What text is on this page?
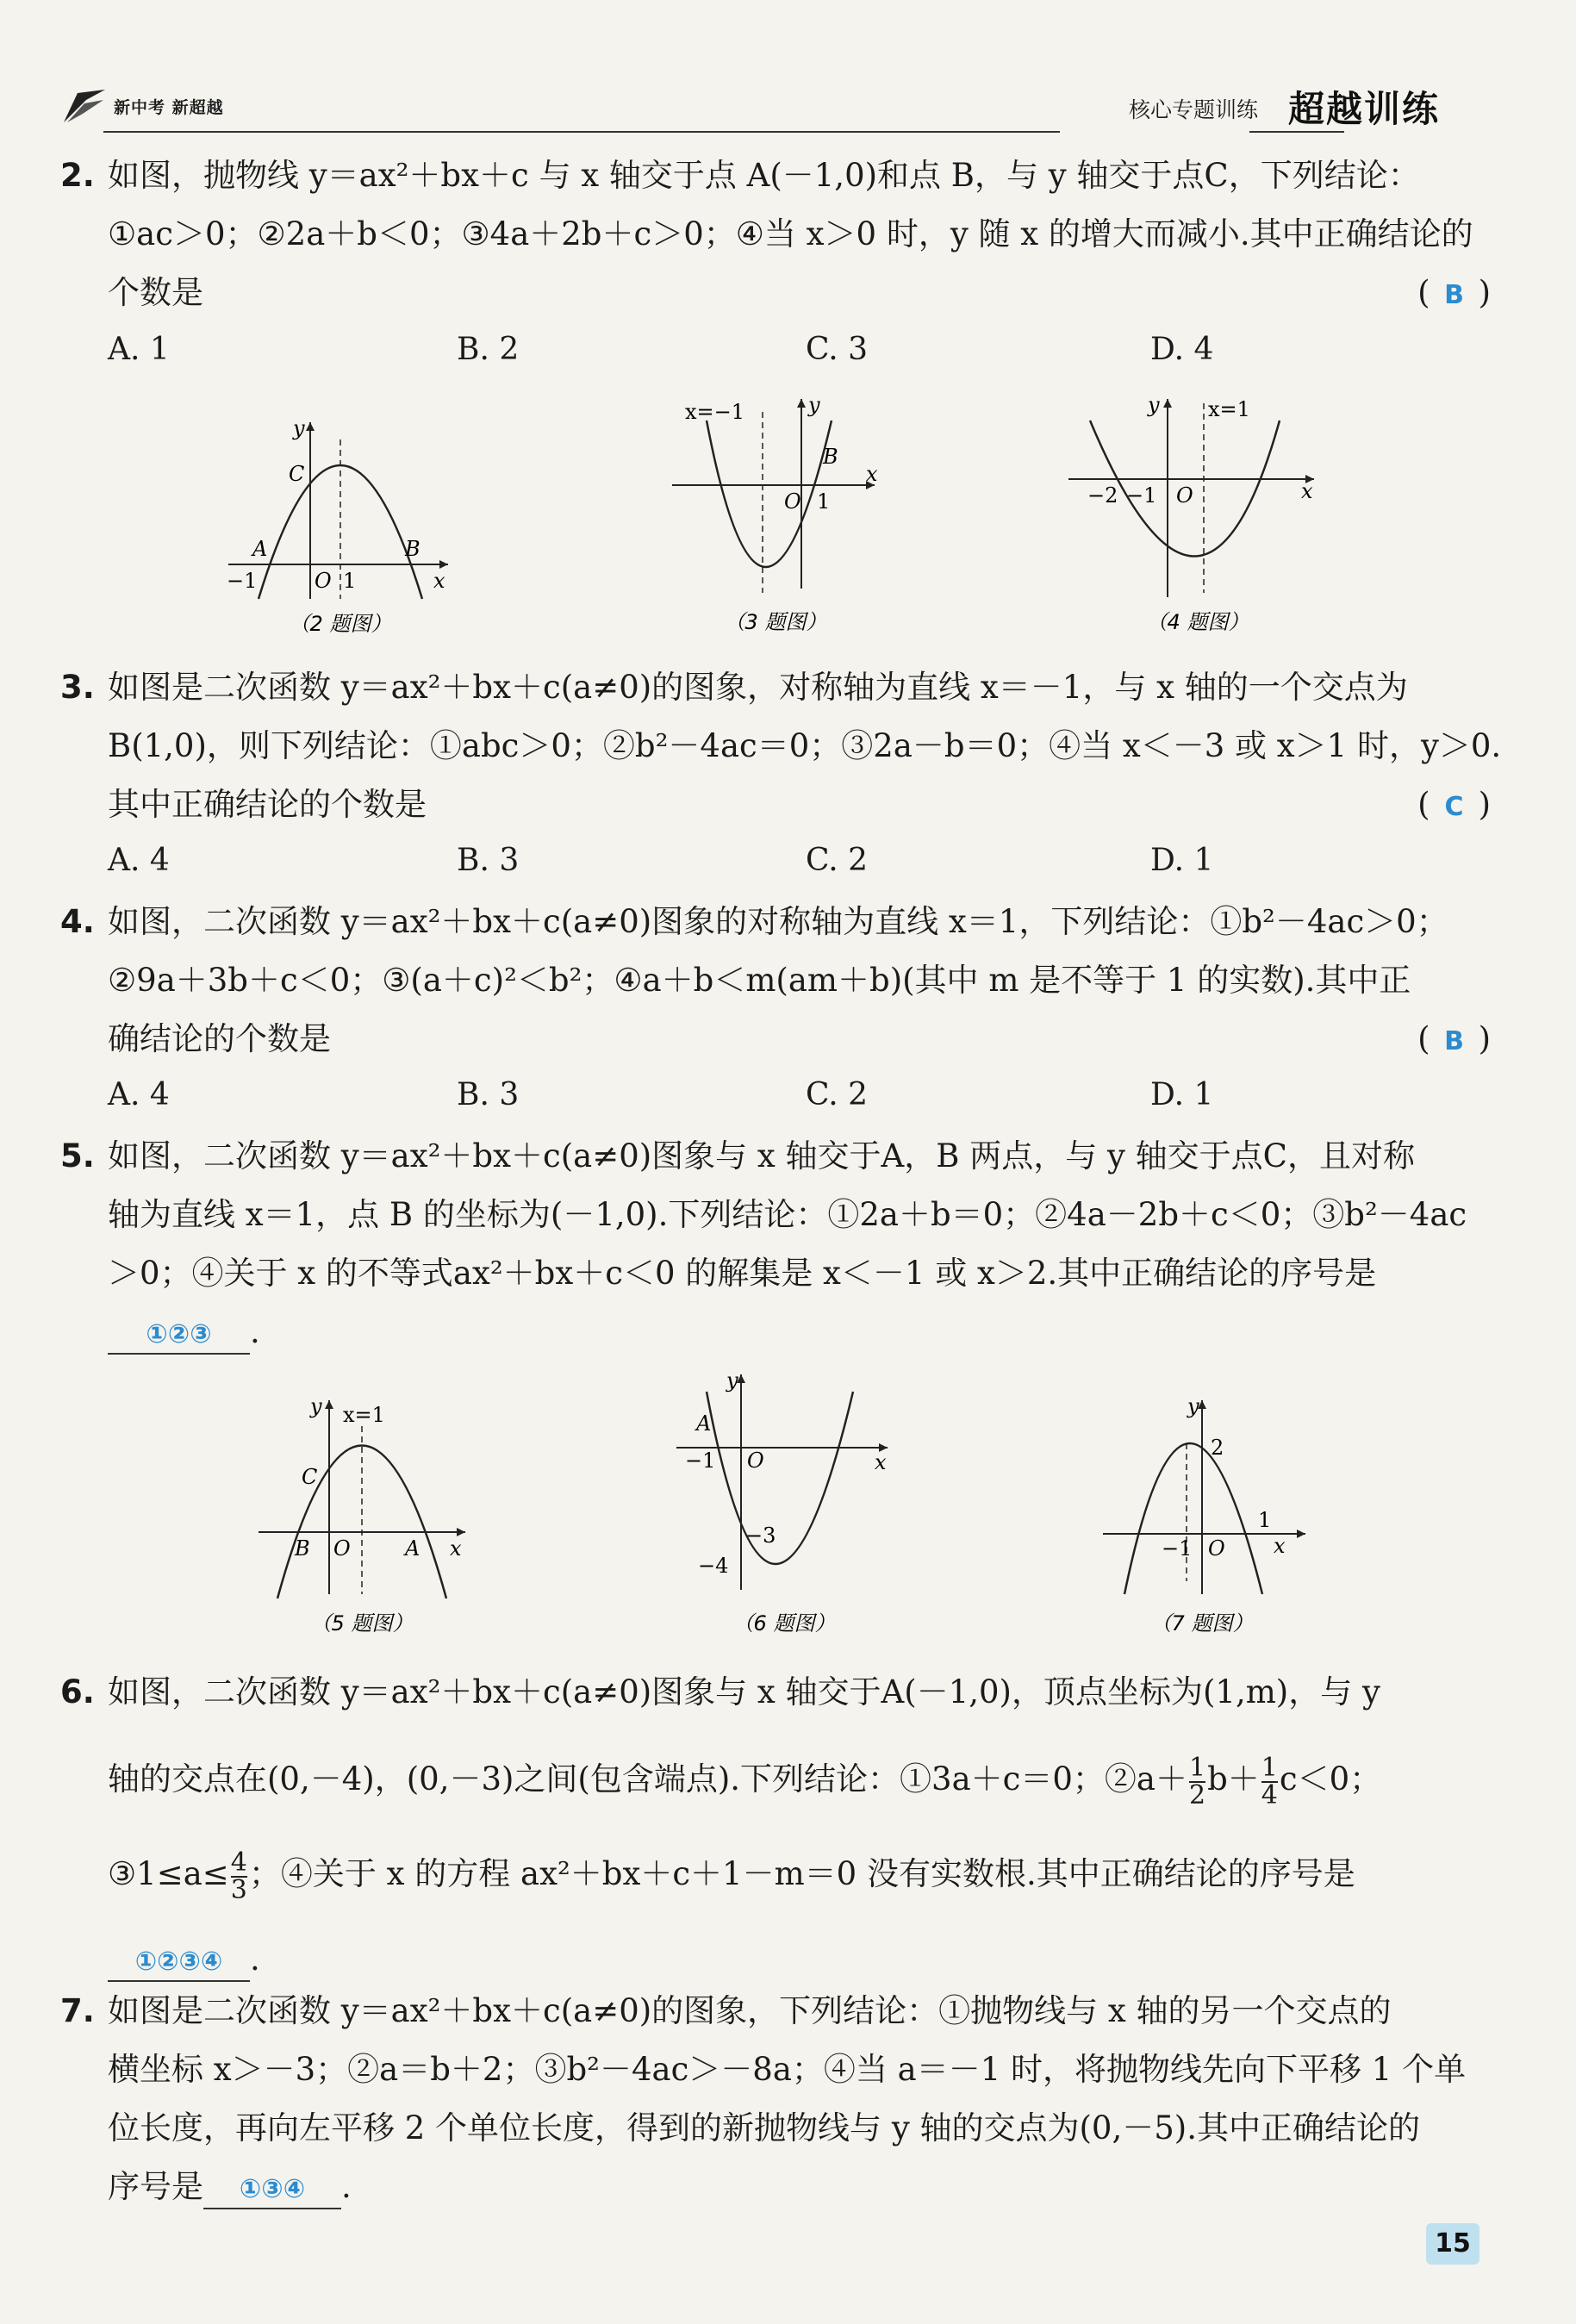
新中考 新超越	核心专题训练 超越训练
2. 如图，抛物线 y＝ax²＋bx＋c 与 x 轴交于点 A(－1,0)和点 B，与 y 轴交于点C，下列结论：
①ac＞0；②2a＋b＜0；③4a＋2b＋c＞0；④当 x＞0 时，y 随 x 的增大而减小.其中正确结论的
个数是	( B )
A. 1	B. 2	C. 3	D. 4
y
x
C
A	B
−1	O 1
（2 题图）
x=−1	y
x
B
O 1
（3 题图）
y x=1
x
−2 −1 O
（4 题图）
3. 如图是二次函数 y＝ax²＋bx＋c(a≠0)的图象，对称轴为直线 x＝－1，与 x 轴的一个交点为
B(1,0)，则下列结论：①abc＞0；②b²－4ac＝0；③2a－b＝0；④当 x＜－3 或 x＞1 时，y＞0.
其中正确结论的个数是	( C )
A. 4	B. 3	C. 2	D. 1
4. 如图，二次函数 y＝ax²＋bx＋c(a≠0)图象的对称轴为直线 x＝1，下列结论：①b²－4ac＞0；
②9a＋3b＋c＜0；③(a＋c)²＜b²；④a＋b＜m(am＋b)(其中 m 是不等于 1 的实数).其中正
确结论的个数是	( B )
A. 4	B. 3	C. 2	D. 1
5. 如图，二次函数 y＝ax²＋bx＋c(a≠0)图象与 x 轴交于A，B 两点，与 y 轴交于点C，且对称
轴为直线 x＝1，点 B 的坐标为(－1,0).下列结论：①2a＋b＝0；②4a－2b＋c＜0；③b²－4ac
＞0；④关于 x 的不等式ax²＋bx＋c＜0 的解集是 x＜－1 或 x＞2.其中正确结论的序号是
①②③ .
y x=1
C
B O	A x
（5 题图）
y
x
A
−1 O
−3
−4
（6 题图）
y
2
−1 O
1
x
（7 题图）
6. 如图，二次函数 y＝ax²＋bx＋c(a≠0)图象与 x 轴交于A(－1,0)，顶点坐标为(1,m)，与 y
轴的交点在(0,－4)，(0,－3)之间(包含端点).下列结论：①3a＋c＝0；②a＋ $\frac{1}{2} b+ \frac{1}{4} c<0$；
③1≤a≤ $\frac{4}{3}$ ；④关于 x 的方程 ax²＋bx＋c＋1－m＝0 没有实数根.其中正确结论的序号是
①②③④ .
7. 如图是二次函数 y＝ax²＋bx＋c(a≠0)的图象，下列结论：①抛物线与 x 轴的另一个交点的
横坐标 x＞－3；②a＝b＋2；③b²－4ac＞－8a；④当 a＝－1 时，将抛物线先向下平移 1 个单
位长度，再向左平移 2 个单位长度，得到的新抛物线与 y 轴的交点为(0,－5).其中正确结论的
序号是 ①③④ .
15
